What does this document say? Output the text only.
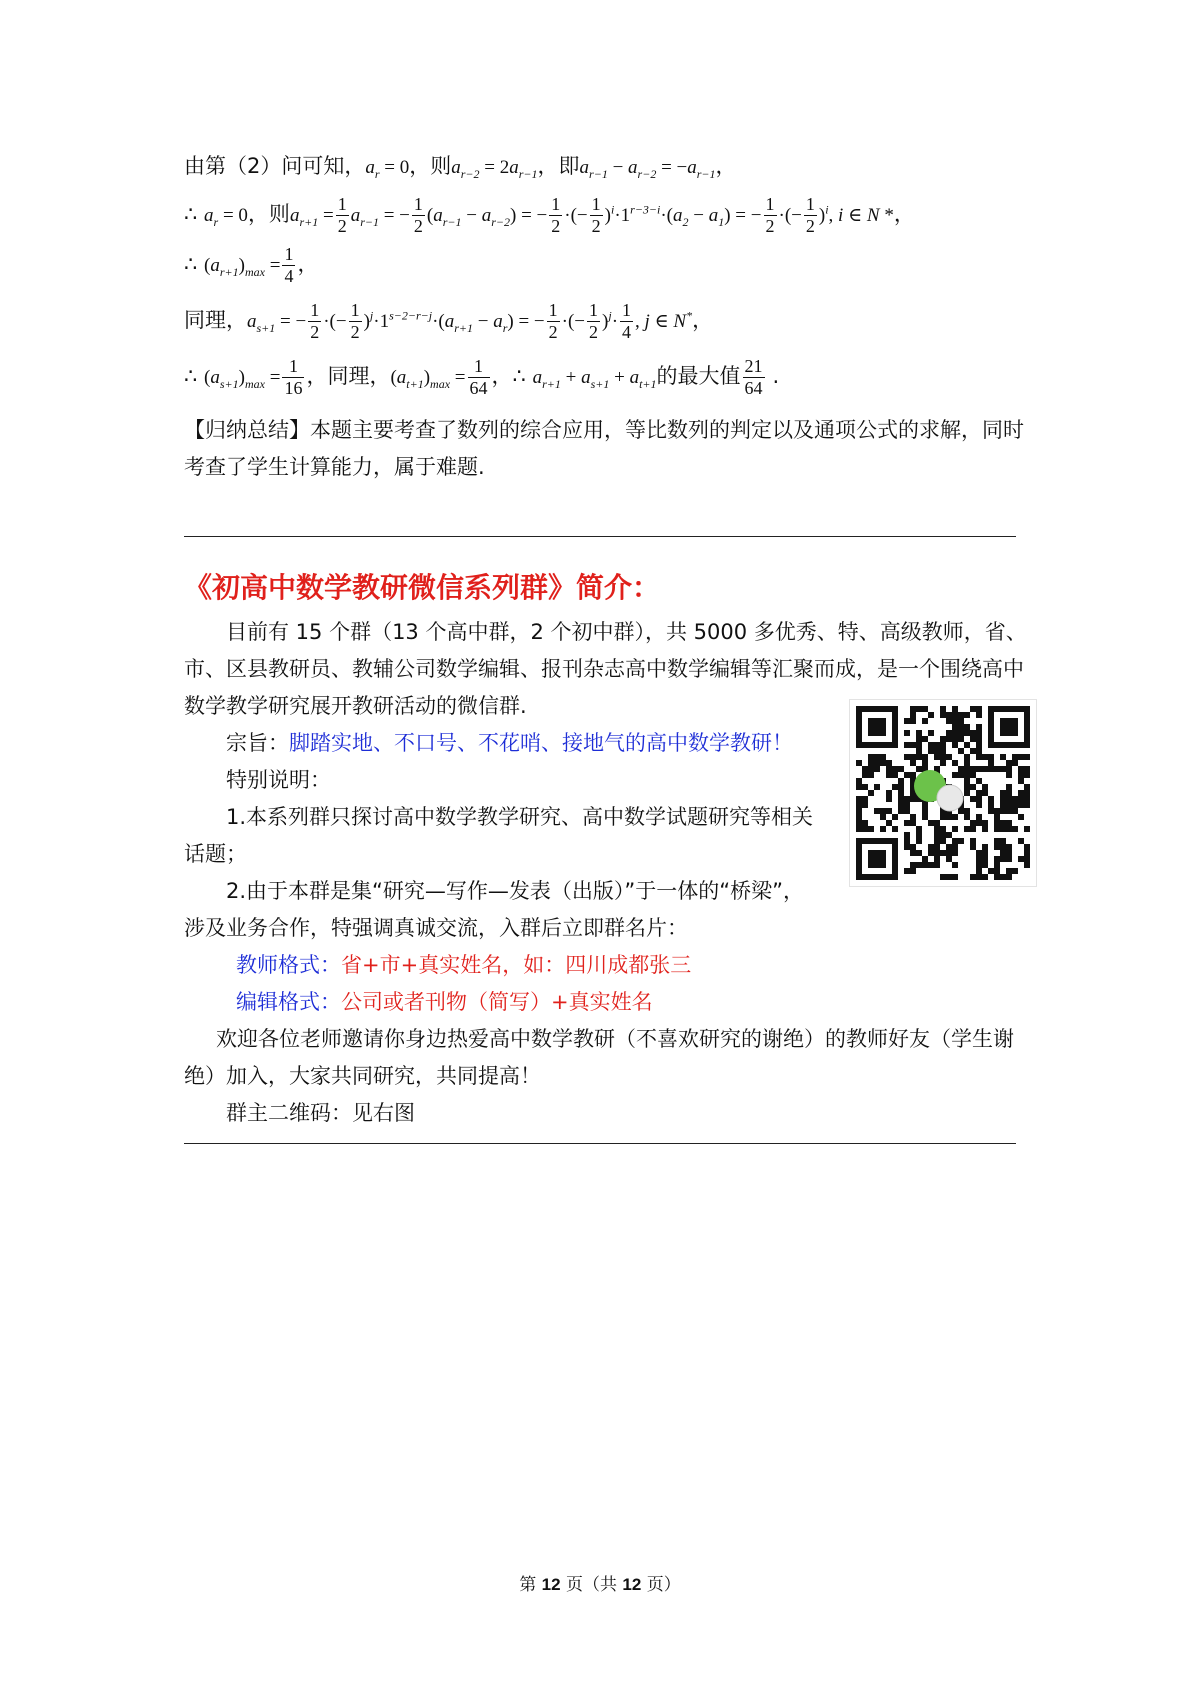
由第（2）问可知，$a_r = 0$，则$a_{r-2} = 2a_{r-1}$，即$a_{r-1} - a_{r-2} = -a_{r-1}$，
∴ $a_r = 0$，则$a_{r+1} = \frac{1}{2} a_{r-1}$ = − $\frac{1}{2} (a_{r-1} - a_{r-2})$ = − $\frac{1}{2}$ ·(− $\frac{1}{2} )^i\cdot 1^{r-3-i}\cdot(a_2 - a_1)$ = − $\frac{1}{2}$ ·(− $\frac{1}{2} )^i$, i ∈ N *，
∴ $(a_{r+1})_{max} = \frac{1}{4}$ ，
同理，$a_{s+1}$ = − $\frac{1}{2}$ ·(− $\frac{1}{2} )^j\cdot 1^{s-2-r-j}\cdot(a_{r+1} - a_r)$ = − $\frac{1}{2}$ ·(− $\frac{1}{2} )^j\cdot \frac{1}{4}$ , j ∈ N*，
∴ $(a_{s+1})_{max} = \frac{1}{16}$ ，同理，$(a_{t+1})_{max} = \frac{1}{64}$ ，∴ $a_{r+1} + a_{s+1} + a_{t+1}$的最大值 $\frac{21}{64}$ .
【归纳总结】本题主要考查了数列的综合应用，等比数列的判定以及通项公式的求解，同时
考查了学生计算能力，属于难题.
《初高中数学教研微信系列群》简介：
目前有 15 个群（13 个高中群，2 个初中群），共 5000 多优秀、特、高级教师，省、市、区县教研员、教辅公司数学编辑、报刊杂志高中数学编辑等汇聚而成，是一个围绕高中数学教学研究展开教研活动的微信群.
宗旨：脚踏实地、不口号、不花哨、接地气的高中数学教研！
特别说明：
1.本系列群只探讨高中数学教学研究、高中数学试题研究等相关
话题；
2.由于本群是集“研究—写作—发表（出版）”于一体的“桥梁”，
涉及业务合作，特强调真诚交流，入群后立即群名片：
教师格式：省+市+真实姓名，如：四川成都张三
编辑格式：公司或者刊物（简写）+真实姓名
欢迎各位老师邀请你身边热爱高中数学教研（不喜欢研究的谢绝）的教师好友（学生谢绝）加入，大家共同研究，共同提高！
群主二维码：见右图
第 12 页（共 12 页）
